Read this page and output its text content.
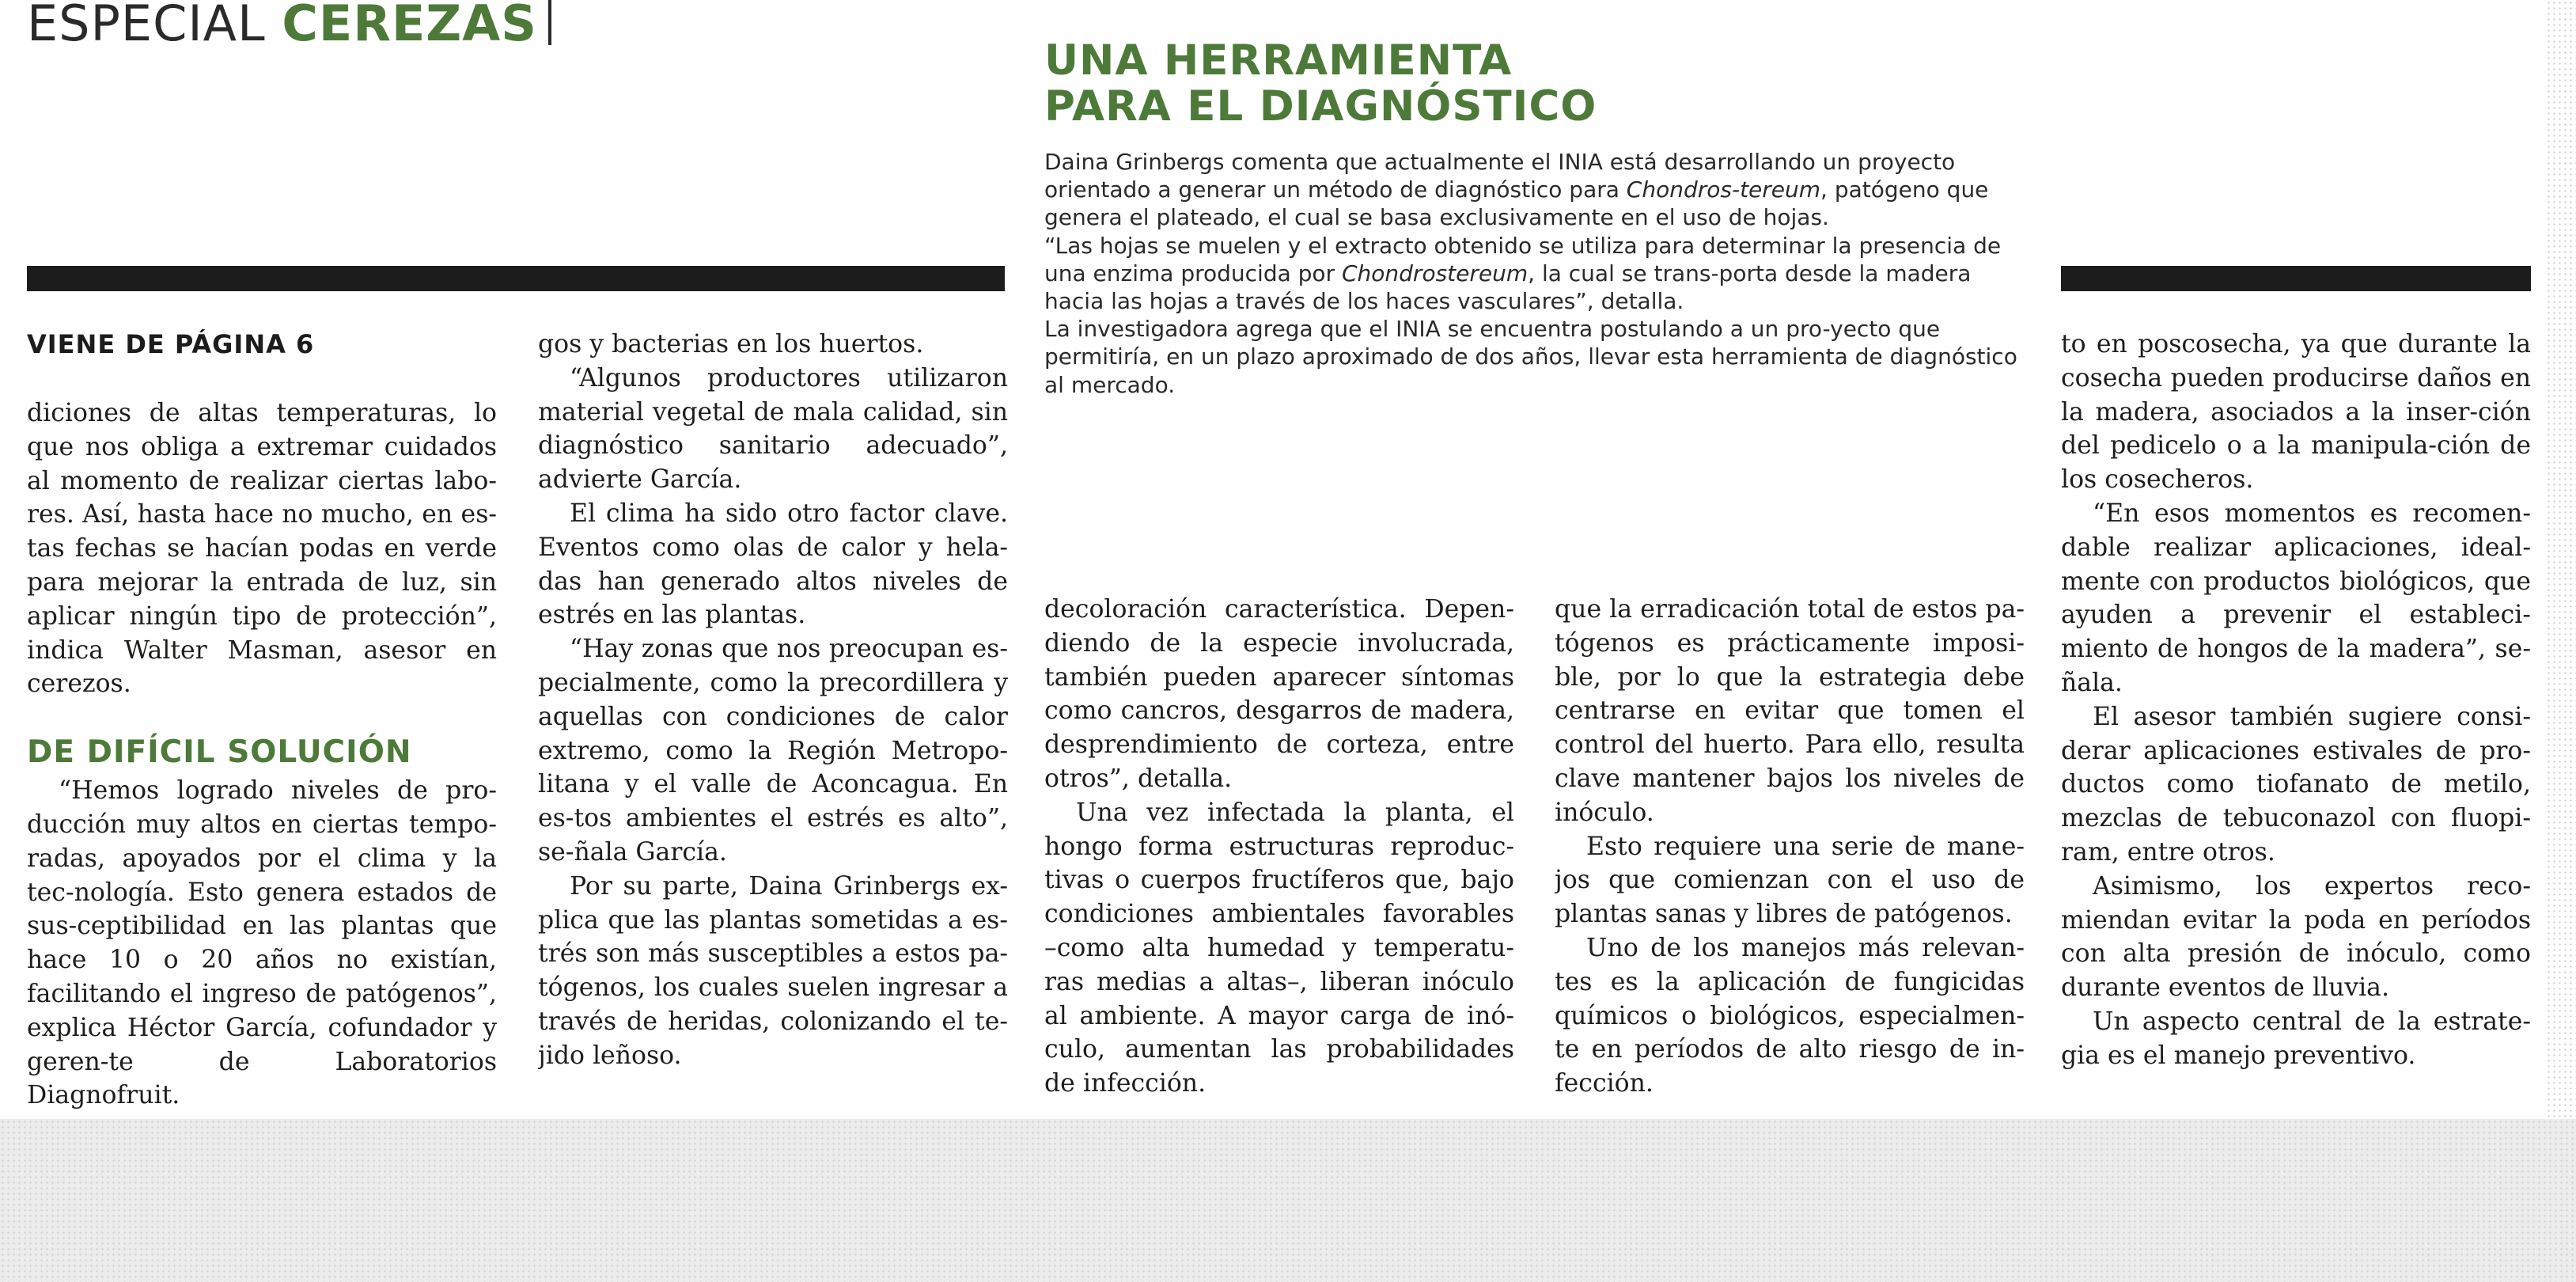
ESPECIAL CEREZAS
UNA HERRAMIENTA
PARA EL DIAGNÓSTICO

Daina Grinbergs comenta que actualmente el INIA está desarrollando un proyecto orientado a generar un método de diagnóstico para Chondros-tereum, patógeno que genera el plateado, el cual se basa exclusivamente en el uso de hojas.

“Las hojas se muelen y el extracto obtenido se utiliza para determinar la presencia de una enzima producida por Chondrostereum, la cual se trans-porta desde la madera hacia las hojas a través de los haces vasculares”, detalla.

La investigadora agrega que el INIA se encuentra postulando a un pro-yecto que permitiría, en un plazo aproximado de dos años, llevar esta herramienta de diagnóstico al mercado.

VIENE DE PÁGINA 6

diciones de altas temperaturas, lo que nos obliga a extremar cuidados al momento de realizar ciertas labo-res. Así, hasta hace no mucho, en es-tas fechas se hacían podas en verde para mejorar la entrada de luz, sin aplicar ningún tipo de protección”, indica Walter Masman, asesor en cerezos.

DE DIFÍCIL SOLUCIÓN

“Hemos logrado niveles de pro-ducción muy altos en ciertas tempo-radas, apoyados por el clima y la tec-nología. Esto genera estados de sus-ceptibilidad en las plantas que hace 10 o 20 años no existían, facilitando el ingreso de patógenos”, explica Héctor García, cofundador y geren-te de Laboratorios Diagnofruit.

gos y bacterias en los huertos.

“Algunos productores utilizaron material vegetal de mala calidad, sin diagnóstico sanitario adecuado”, advierte García.

El clima ha sido otro factor clave. Eventos como olas de calor y hela-das han generado altos niveles de estrés en las plantas.

“Hay zonas que nos preocupan es-pecialmente, como la precordillera y aquellas con condiciones de calor extremo, como la Región Metropo-litana y el valle de Aconcagua. En es-tos ambientes el estrés es alto”, se-ñala García.

Por su parte, Daina Grinbergs ex-plica que las plantas sometidas a es-trés son más susceptibles a estos pa-tógenos, los cuales suelen ingresar a través de heridas, colonizando el te-jido leñoso.

decoloración característica. Depen-diendo de la especie involucrada, también pueden aparecer síntomas como cancros, desgarros de madera, desprendimiento de corteza, entre otros”, detalla.

Una vez infectada la planta, el hongo forma estructuras reproduc-tivas o cuerpos fructíferos que, bajo condiciones ambientales favorables –como alta humedad y temperatu-ras medias a altas–, liberan inóculo al ambiente. A mayor carga de inó-culo, aumentan las probabilidades de infección.

que la erradicación total de estos pa-tógenos es prácticamente imposi-ble, por lo que la estrategia debe centrarse en evitar que tomen el control del huerto. Para ello, resulta clave mantener bajos los niveles de inóculo.

Esto requiere una serie de mane-jos que comienzan con el uso de plantas sanas y libres de patógenos.

Uno de los manejos más relevan-tes es la aplicación de fungicidas químicos o biológicos, especialmen-te en períodos de alto riesgo de in-fección.

to en poscosecha, ya que durante la cosecha pueden producirse daños en la madera, asociados a la inser-ción del pedicelo o a la manipula-ción de los cosecheros.

“En esos momentos es recomen-dable realizar aplicaciones, ideal-mente con productos biológicos, que ayuden a prevenir el estableci-miento de hongos de la madera”, se-ñala.

El asesor también sugiere consi-derar aplicaciones estivales de pro-ductos como tiofanato de metilo, mezclas de tebuconazol con fluopi-ram, entre otros.

Asimismo, los expertos reco-miendan evitar la poda en períodos con alta presión de inóculo, como durante eventos de lluvia.

Un aspecto central de la estrate-gia es el manejo preventivo.
